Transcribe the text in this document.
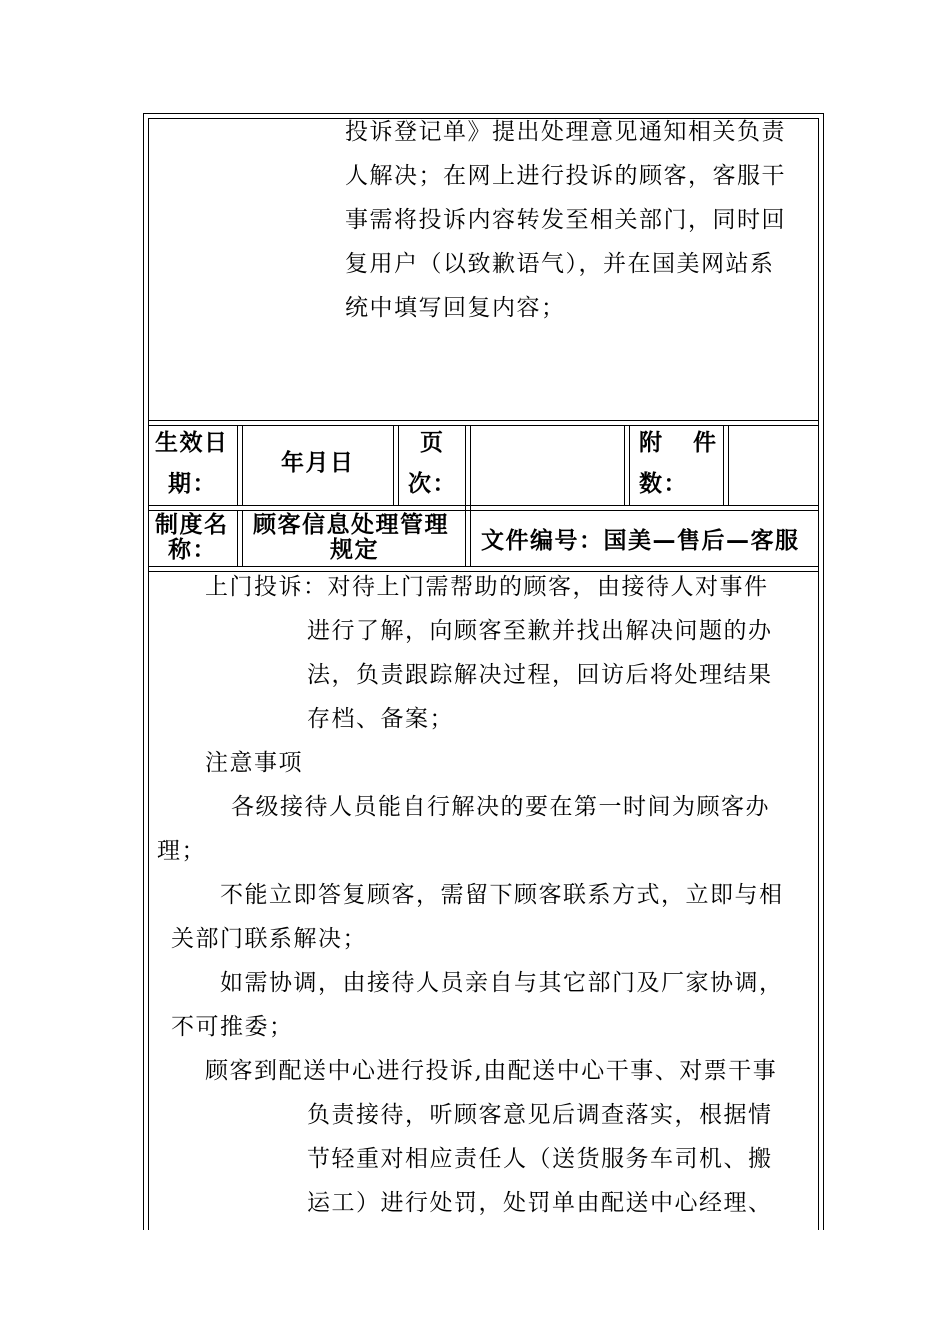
投诉登记单》提出处理意见通知相关负责
人解决；在网上进行投诉的顾客，客服干
事需将投诉内容转发至相关部门，同时回
复用户（以致歉语气），并在国美网站系
统中填写回复内容；
生效日
期：
年月日
页
次：
附 件
数：
制度名
称：
顾客信息处理管理
规定	文件编号：国美—售后—客服
上门投诉：对待上门需帮助的顾客，由接待人对事件
进行了解，向顾客至歉并找出解决问题的办
法，负责跟踪解决过程，回访后将处理结果
存档、备案；
注意事项
各级接待人员能自行解决的要在第一时间为顾客办
理；
不能立即答复顾客，需留下顾客联系方式，立即与相
关部门联系解决；
如需协调，由接待人员亲自与其它部门及厂家协调，
不可推委；
顾客到配送中心进行投诉,由配送中心干事、对票干事
负责接待，听顾客意见后调查落实，根据情
节轻重对相应责任人（送货服务车司机、搬
运工）进行处罚，处罚单由配送中心经理、
